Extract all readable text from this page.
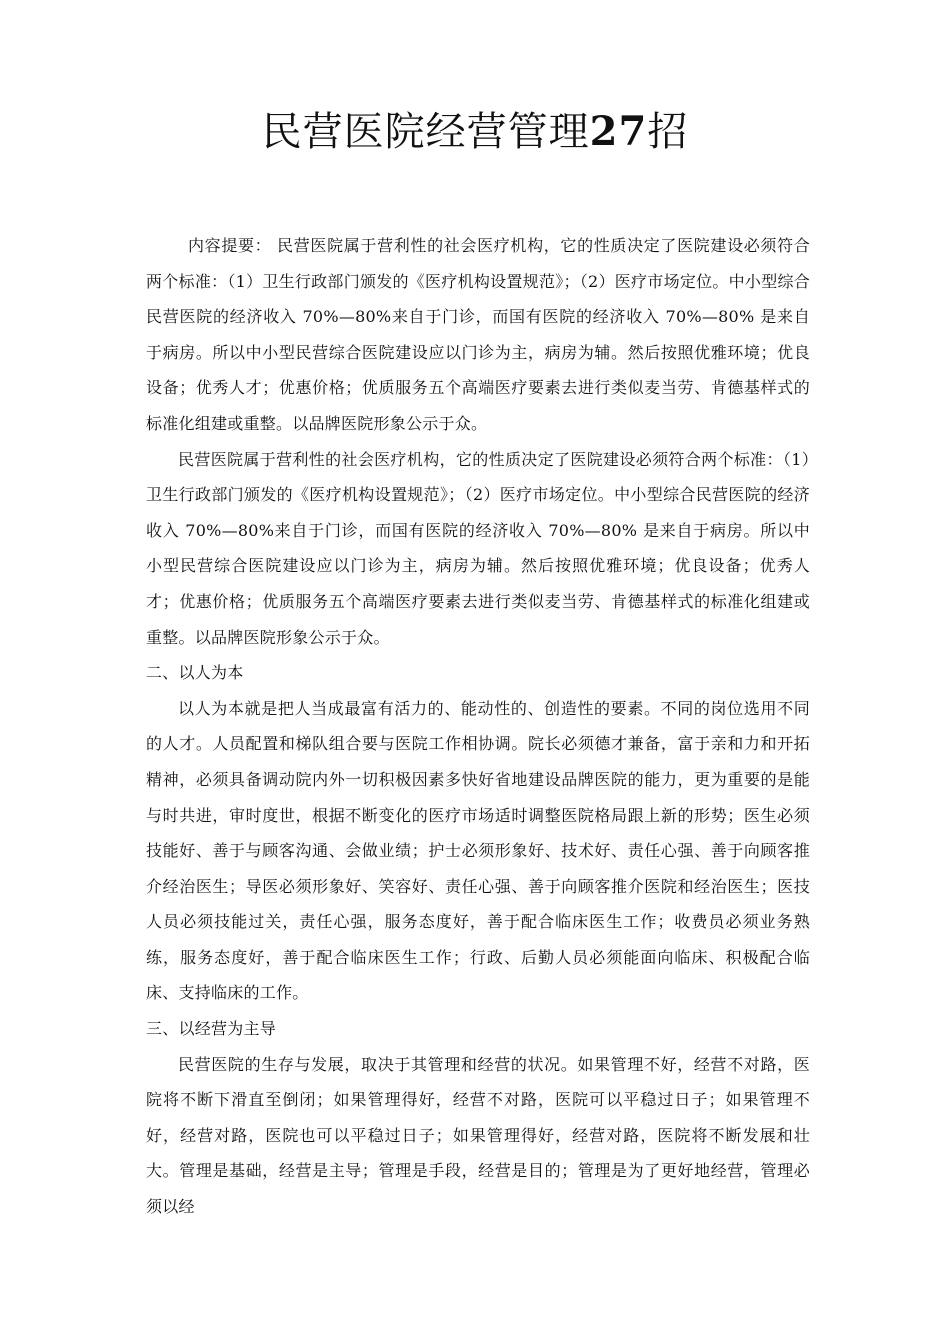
民营医院经营管理27招

内容提要： 民营医院属于营利性的社会医疗机构，它的性质决定了医院建设必须符合两个标准：（1）卫生行政部门颁发的《医疗机构设置规范》；（2）医疗市场定位。中小型综合民营医院的经济收入 70%—80%来自于门诊，而国有医院的经济收入 70%—80% 是来自于病房。所以中小型民营综合医院建设应以门诊为主，病房为辅。然后按照优雅环境；优良设备；优秀人才；优惠价格；优质服务五个高端医疗要素去进行类似麦当劳、肯德基样式的标准化组建或重整。以品牌医院形象公示于众。

民营医院属于营利性的社会医疗机构，它的性质决定了医院建设必须符合两个标准：（1）卫生行政部门颁发的《医疗机构设置规范》；（2）医疗市场定位。中小型综合民营医院的经济收入 70%—80%来自于门诊，而国有医院的经济收入 70%—80% 是来自于病房。所以中小型民营综合医院建设应以门诊为主，病房为辅。然后按照优雅环境；优良设备；优秀人才；优惠价格；优质服务五个高端医疗要素去进行类似麦当劳、肯德基样式的标准化组建或重整。以品牌医院形象公示于众。

二、以人为本

以人为本就是把人当成最富有活力的、能动性的、创造性的要素。不同的岗位选用不同的人才。人员配置和梯队组合要与医院工作相协调。院长必须德才兼备，富于亲和力和开拓精神，必须具备调动院内外一切积极因素多快好省地建设品牌医院的能力，更为重要的是能与时共进，审时度世，根据不断变化的医疗市场适时调整医院格局跟上新的形势；医生必须技能好、善于与顾客沟通、会做业绩；护士必须形象好、技术好、责任心强、善于向顾客推介经治医生；导医必须形象好、笑容好、责任心强、善于向顾客推介医院和经治医生；医技人员必须技能过关，责任心强，服务态度好，善于配合临床医生工作；收费员必须业务熟练，服务态度好，善于配合临床医生工作；行政、后勤人员必须能面向临床、积极配合临床、支持临床的工作。

三、以经营为主导

民营医院的生存与发展，取决于其管理和经营的状况。如果管理不好，经营不对路，医院将不断下滑直至倒闭；如果管理得好，经营不对路，医院可以平稳过日子；如果管理不好，经营对路，医院也可以平稳过日子；如果管理得好，经营对路，医院将不断发展和壮大。管理是基础，经营是主导；管理是手段，经营是目的；管理是为了更好地经营，管理必须以经
